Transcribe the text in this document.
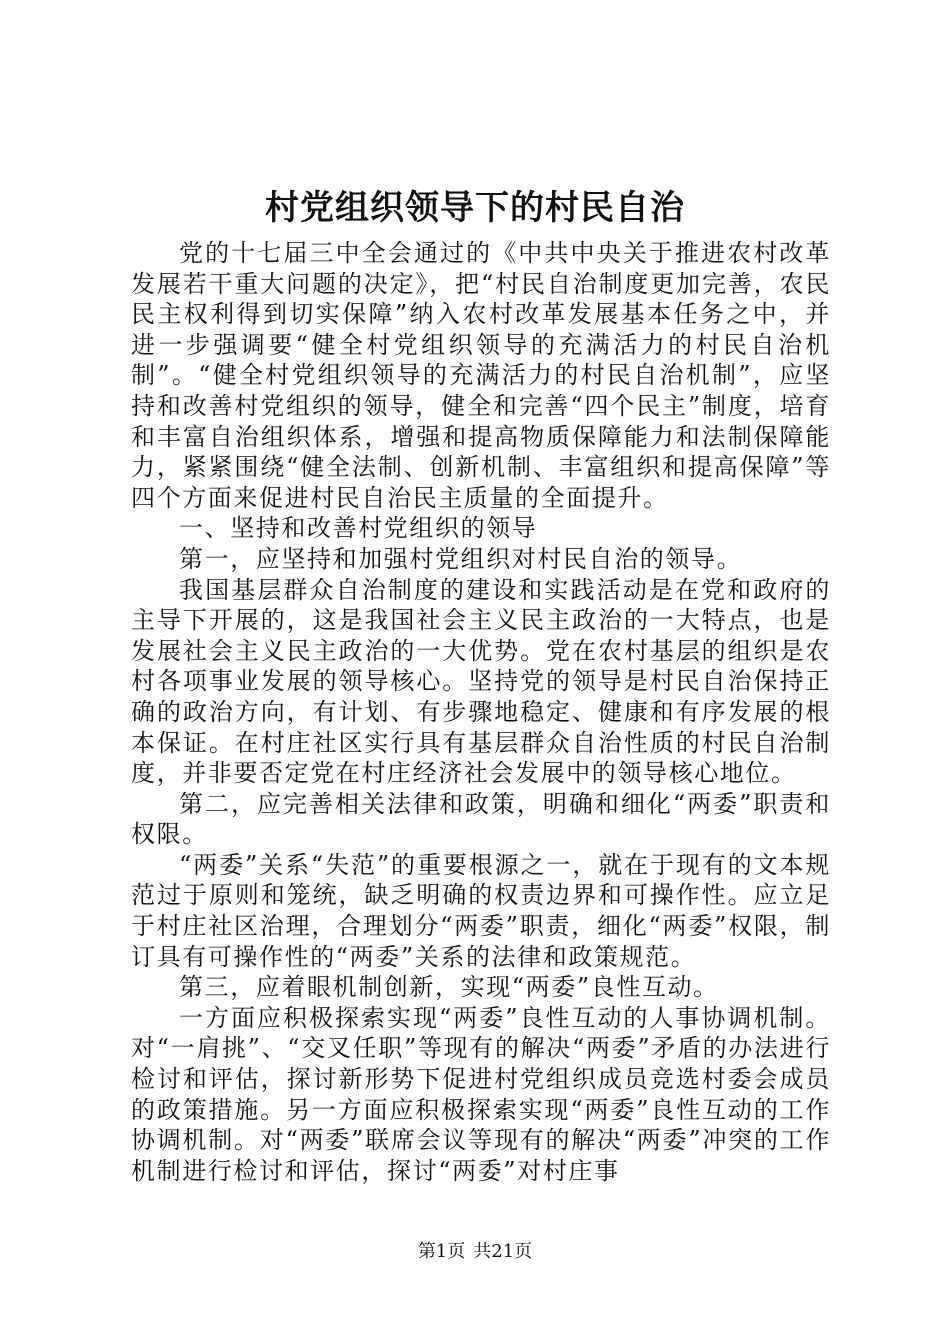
村党组织领导下的村民自治

党的十七届三中全会通过的《中共中央关于推进农村改革发展若干重大问题的决定》，把“村民自治制度更加完善，农民民主权利得到切实保障”纳入农村改革发展基本任务之中，并进一步强调要“健全村党组织领导的充满活力的村民自治机制”。“健全村党组织领导的充满活力的村民自治机制”，应坚持和改善村党组织的领导，健全和完善“四个民主”制度，培育和丰富自治组织体系，增强和提高物质保障能力和法制保障能力，紧紧围绕“健全法制、创新机制、丰富组织和提高保障”等四个方面来促进村民自治民主质量的全面提升。

一、坚持和改善村党组织的领导

第一，应坚持和加强村党组织对村民自治的领导。

我国基层群众自治制度的建设和实践活动是在党和政府的主导下开展的，这是我国社会主义民主政治的一大特点，也是发展社会主义民主政治的一大优势。党在农村基层的组织是农村各项事业发展的领导核心。坚持党的领导是村民自治保持正确的政治方向，有计划、有步骤地稳定、健康和有序发展的根本保证。在村庄社区实行具有基层群众自治性质的村民自治制度，并非要否定党在村庄经济社会发展中的领导核心地位。

第二，应完善相关法律和政策，明确和细化“两委”职责和权限。

“两委”关系“失范”的重要根源之一，就在于现有的文本规范过于原则和笼统，缺乏明确的权责边界和可操作性。应立足于村庄社区治理，合理划分“两委”职责，细化“两委”权限，制订具有可操作性的“两委”关系的法律和政策规范。

第三，应着眼机制创新，实现“两委”良性互动。

一方面应积极探索实现“两委”良性互动的人事协调机制。对“一肩挑”、“交叉任职”等现有的解决“两委”矛盾的办法进行检讨和评估，探讨新形势下促进村党组织成员竞选村委会成员的政策措施。另一方面应积极探索实现“两委”良性互动的工作协调机制。对“两委”联席会议等现有的解决“两委”冲突的工作机制进行检讨和评估，探讨“两委”对村庄事

第1页 共21页
